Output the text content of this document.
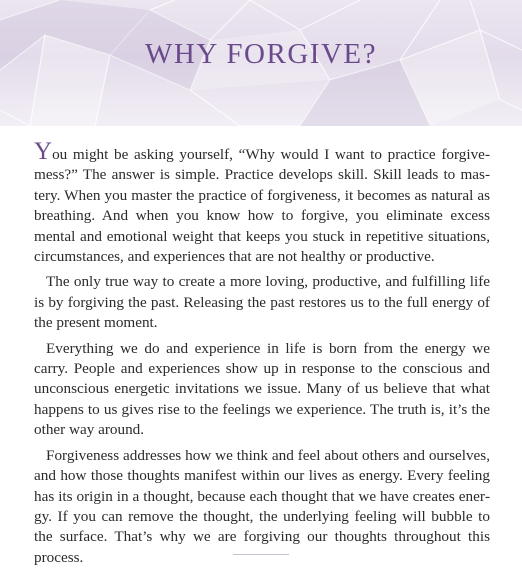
WHY FORGIVE?

You might be asking yourself, “Why would I want to practice forgivemess?” The answer is simple. Practice develops skill. Skill leads to mastery. When you master the practice of forgiveness, it becomes as natural as breathing. And when you know how to forgive, you eliminate excess mental and emotional weight that keeps you stuck in repetitive situations, circumstances, and experiences that are not healthy or productive.

The only true way to create a more loving, productive, and fulfilling life is by forgiving the past. Releasing the past restores us to the full energy of the present moment.

Everything we do and experience in life is born from the energy we carry. People and experiences show up in response to the conscious and unconscious energetic invitations we issue. Many of us believe that what happens to us gives rise to the feelings we experience. The truth is, it’s the other way around.

Forgiveness addresses how we think and feel about others and ourselves, and how those thoughts manifest within our lives as energy. Every feeling has its origin in a thought, because each thought that we have creates energy. If you can remove the thought, the underlying feeling will bubble to the surface. That’s why we are forgiving our thoughts throughout this process.
